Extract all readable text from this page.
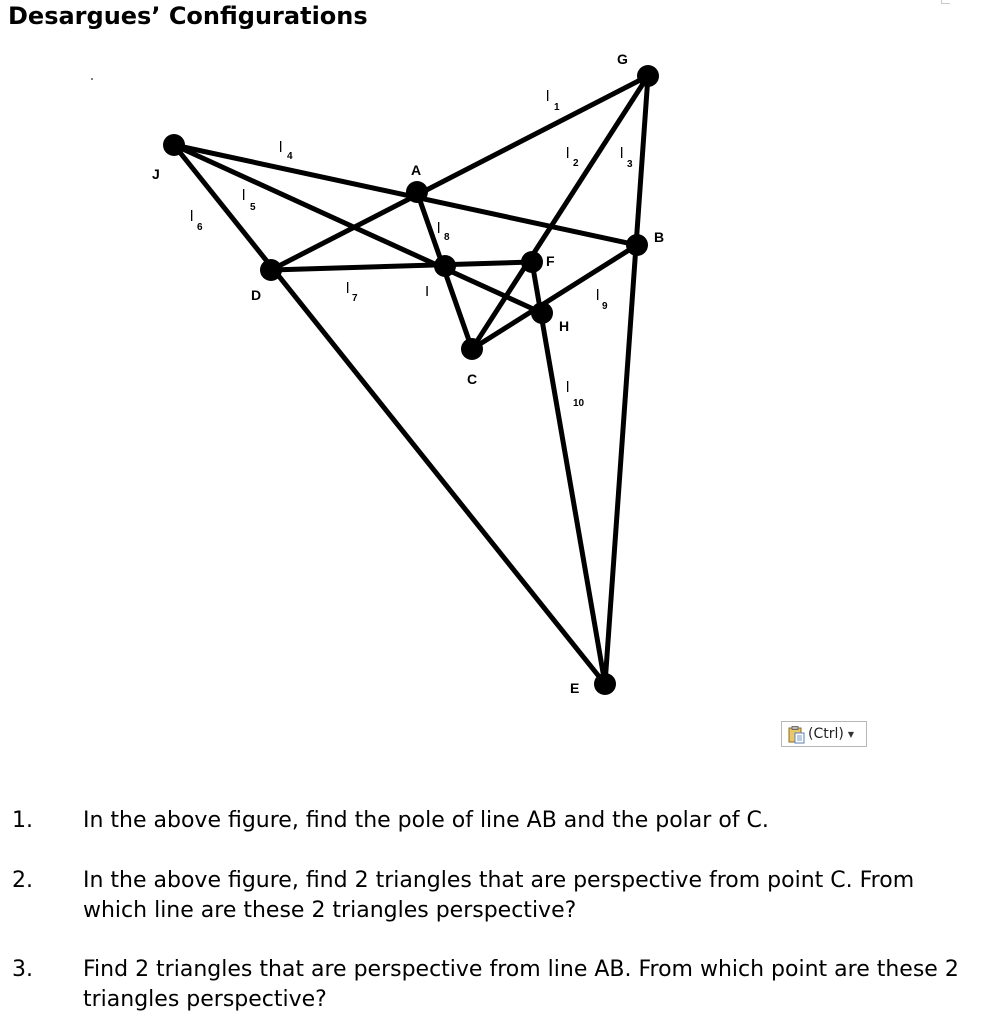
Desargues’ Configurations
G
J	A
B
D
F
H
C
E
I
l
1
l
2
l
3
l
4
l
5
l
6
l
7
l
8
l
9
l
10
(Ctrl) ▼
1. In the above figure, find the pole of line AB and the polar of C.
2. In the above figure, find 2 triangles that are perspective from point C. From which line are these 2 triangles perspective?
3. Find 2 triangles that are perspective from line AB. From which point are these 2 triangles perspective?
